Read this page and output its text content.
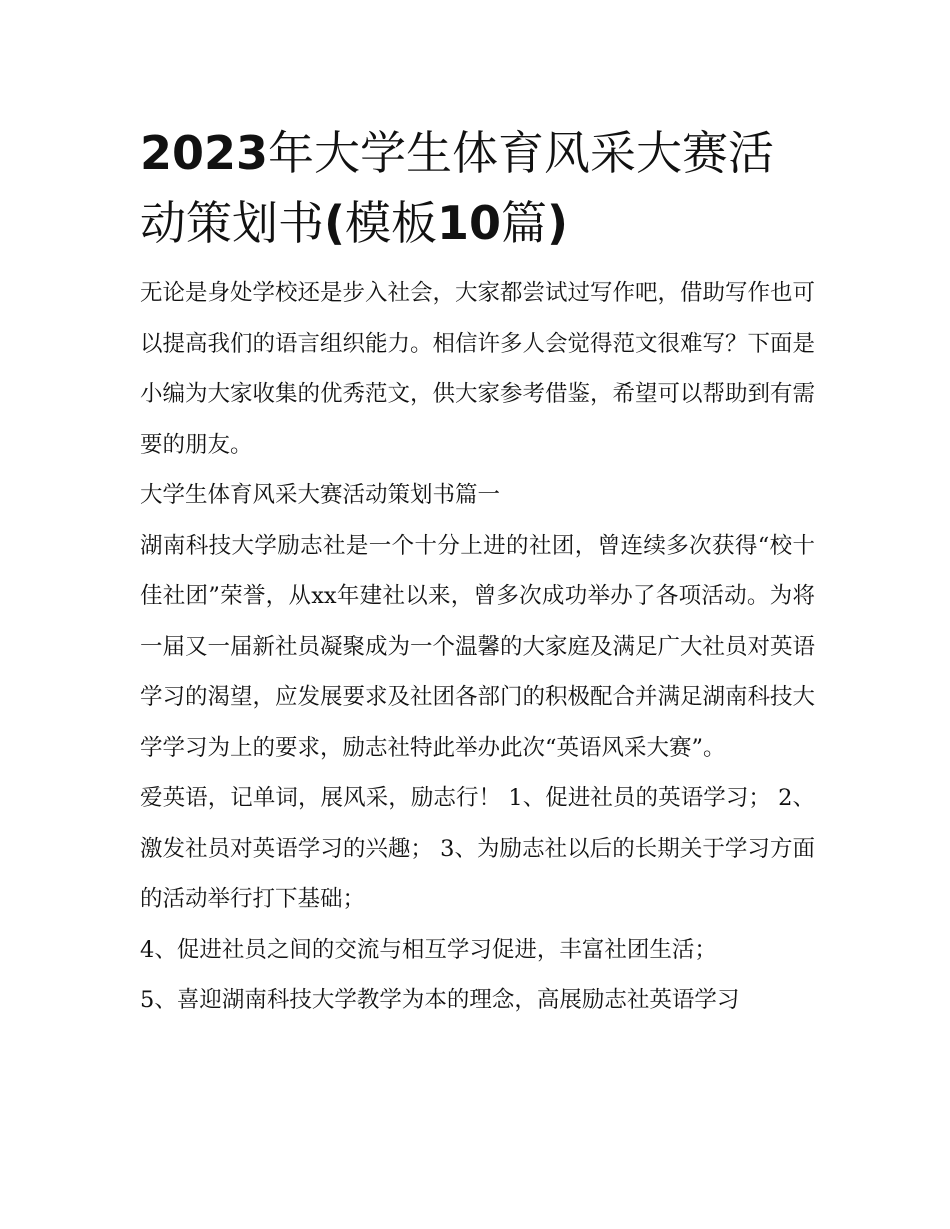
2023年大学生体育风采大赛活
动策划书(模板10篇)

无论是身处学校还是步入社会，大家都尝试过写作吧，借助写作也可以提高我们的语言组织能力。相信许多人会觉得范文很难写？下面是小编为大家收集的优秀范文，供大家参考借鉴，希望可以帮助到有需要的朋友。

大学生体育风采大赛活动策划书篇一

湖南科技大学励志社是一个十分上进的社团，曾连续多次获得“校十佳社团”荣誉，从xx年建社以来，曾多次成功举办了各项活动。为将一届又一届新社员凝聚成为一个温馨的大家庭及满足广大社员对英语学习的渴望，应发展要求及社团各部门的积极配合并满足湖南科技大学学习为上的要求，励志社特此举办此次“英语风采大赛”。

爱英语，记单词，展风采，励志行！ 1、促进社员的英语学习； 2、激发社员对英语学习的兴趣； 3、为励志社以后的长期关于学习方面的活动举行打下基础；

4、促进社员之间的交流与相互学习促进，丰富社团生活；

5、喜迎湖南科技大学教学为本的理念，高展励志社英语学习
